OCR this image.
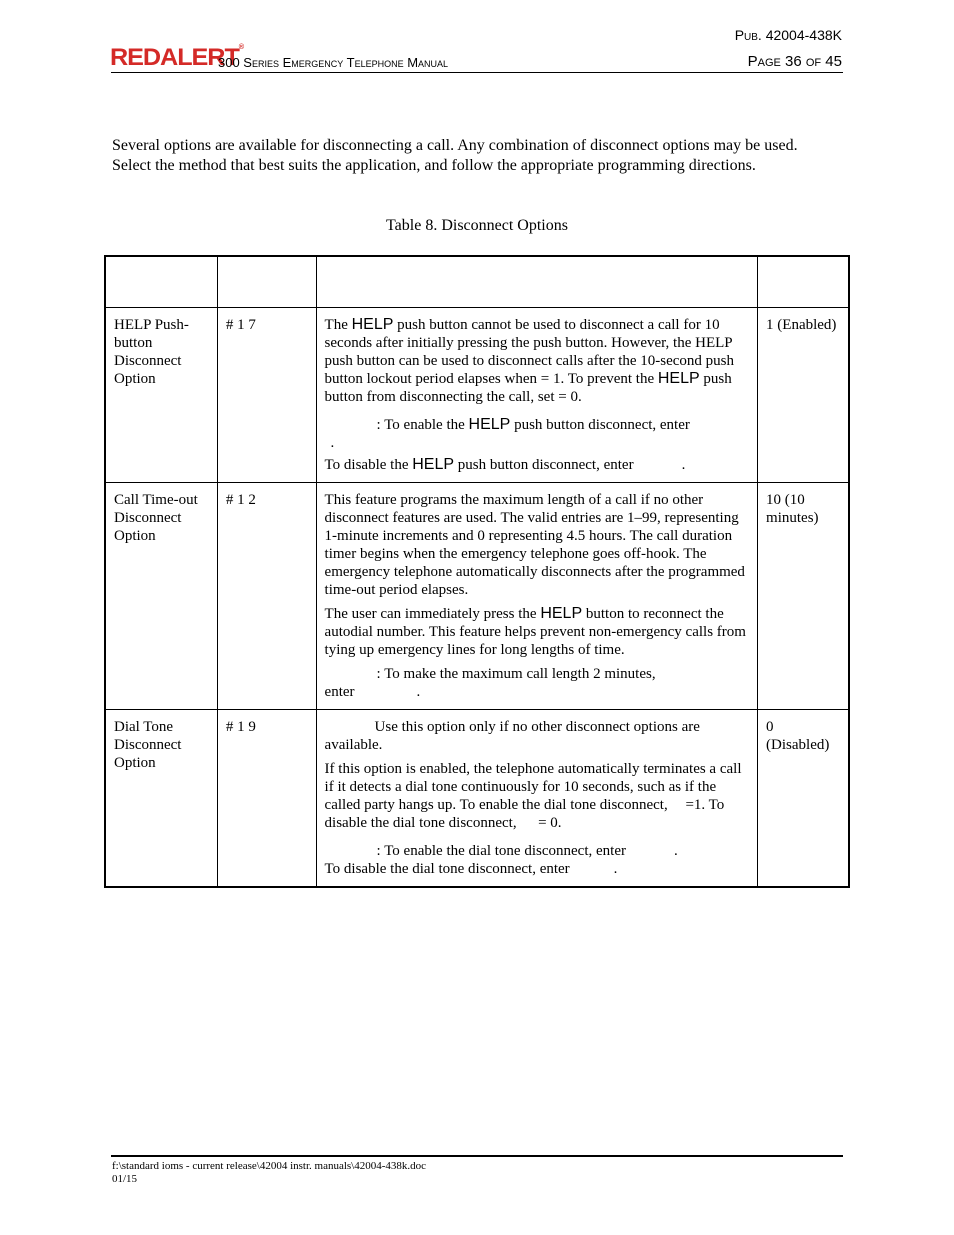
Pub. 42004-438K
REDALERT®
300 Series Emergency Telephone Manual	Page 36 of 45
Several options are available for disconnecting a call. Any combination of disconnect options may be used. Select the method that best suits the application, and follow the appropriate programming directions.
Table 8. Disconnect Options

HELP Push-button Disconnect Option	# 1 7	The HELP push button cannot be used to disconnect a call for 10 seconds after initially pressing the push button. However, the HELP push button can be used to disconnect calls after the 10-second push button lockout period elapses when = 1. To prevent the HELP push button from disconnecting the call, set = 0.
: To enable the HELP push button disconnect, enter
.
To disable the HELP push button disconnect, enter .	1 (Enabled)
Call Time-out Disconnect Option	# 1 2	This feature programs the maximum length of a call if no other disconnect features are used. The valid entries are 1–99, representing 1-minute increments and 0 representing 4.5 hours. The call duration timer begins when the emergency telephone goes off-hook. The emergency telephone automatically disconnects after the programmed time-out period elapses.
The user can immediately press the HELP button to reconnect the autodial number. This feature helps prevent non-emergency calls from tying up emergency lines for long lengths of time.
: To make the maximum call length 2 minutes,
enter .	10 (10 minutes)
Dial Tone Disconnect Option	# 1 9	Use this option only if no other disconnect options are available.
If this option is enabled, the telephone automatically terminates a call if it detects a dial tone continuously for 10 seconds, such as if the called party hangs up. To enable the dial tone disconnect, =1. To disable the dial tone disconnect,  = 0.
: To enable the dial tone disconnect, enter .
To disable the dial tone disconnect, enter .	0 (Disabled)
f:\standard ioms - current release\42004 instr. manuals\42004-438k.doc
01/15
